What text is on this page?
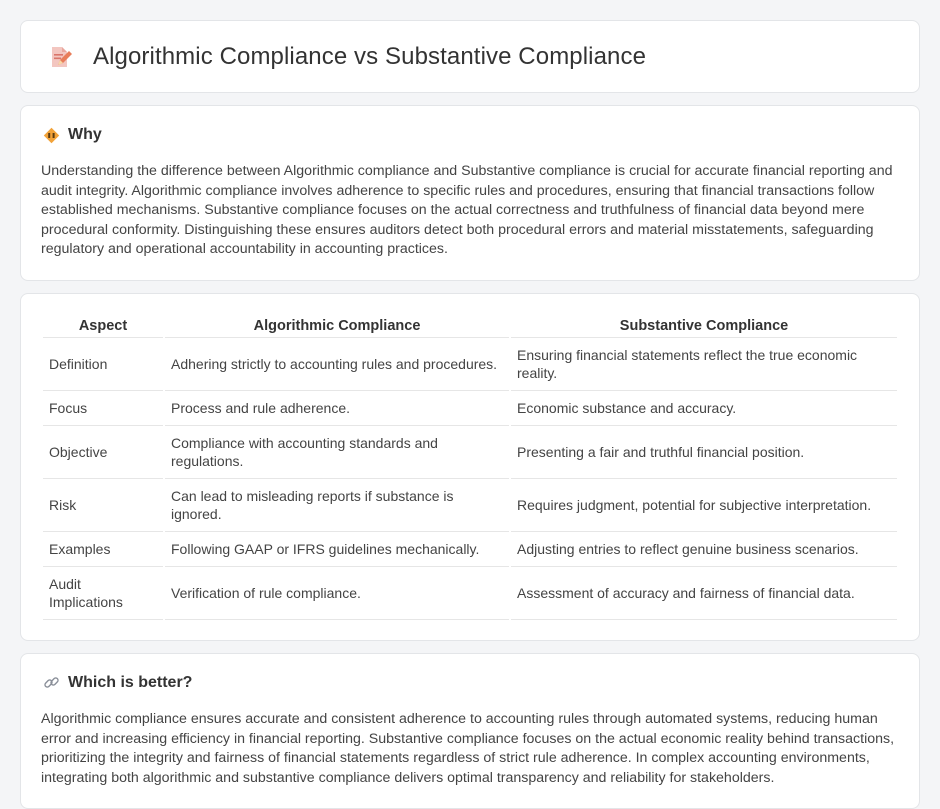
Algorithmic Compliance vs Substantive Compliance
Why

Understanding the difference between Algorithmic compliance and Substantive compliance is crucial for accurate financial reporting and audit integrity. Algorithmic compliance involves adherence to specific rules and procedures, ensuring that financial transactions follow established mechanisms. Substantive compliance focuses on the actual correctness and truthfulness of financial data beyond mere procedural conformity. Distinguishing these ensures auditors detect both procedural errors and material misstatements, safeguarding regulatory and operational accountability in accounting practices.

Aspect	Algorithmic Compliance	Substantive Compliance
Definition	Adhering strictly to accounting rules and procedures.	Ensuring financial statements reflect the true economic reality.
Focus	Process and rule adherence.	Economic substance and accuracy.
Objective	Compliance with accounting standards and regulations.	Presenting a fair and truthful financial position.
Risk	Can lead to misleading reports if substance is ignored.	Requires judgment, potential for subjective interpretation.
Examples	Following GAAP or IFRS guidelines mechanically.	Adjusting entries to reflect genuine business scenarios.
Audit Implications	Verification of rule compliance.	Assessment of accuracy and fairness of financial data.
Which is better?

Algorithmic compliance ensures accurate and consistent adherence to accounting rules through automated systems, reducing human error and increasing efficiency in financial reporting. Substantive compliance focuses on the actual economic reality behind transactions, prioritizing the integrity and fairness of financial statements regardless of strict rule adherence. In complex accounting environments, integrating both algorithmic and substantive compliance delivers optimal transparency and reliability for stakeholders.
